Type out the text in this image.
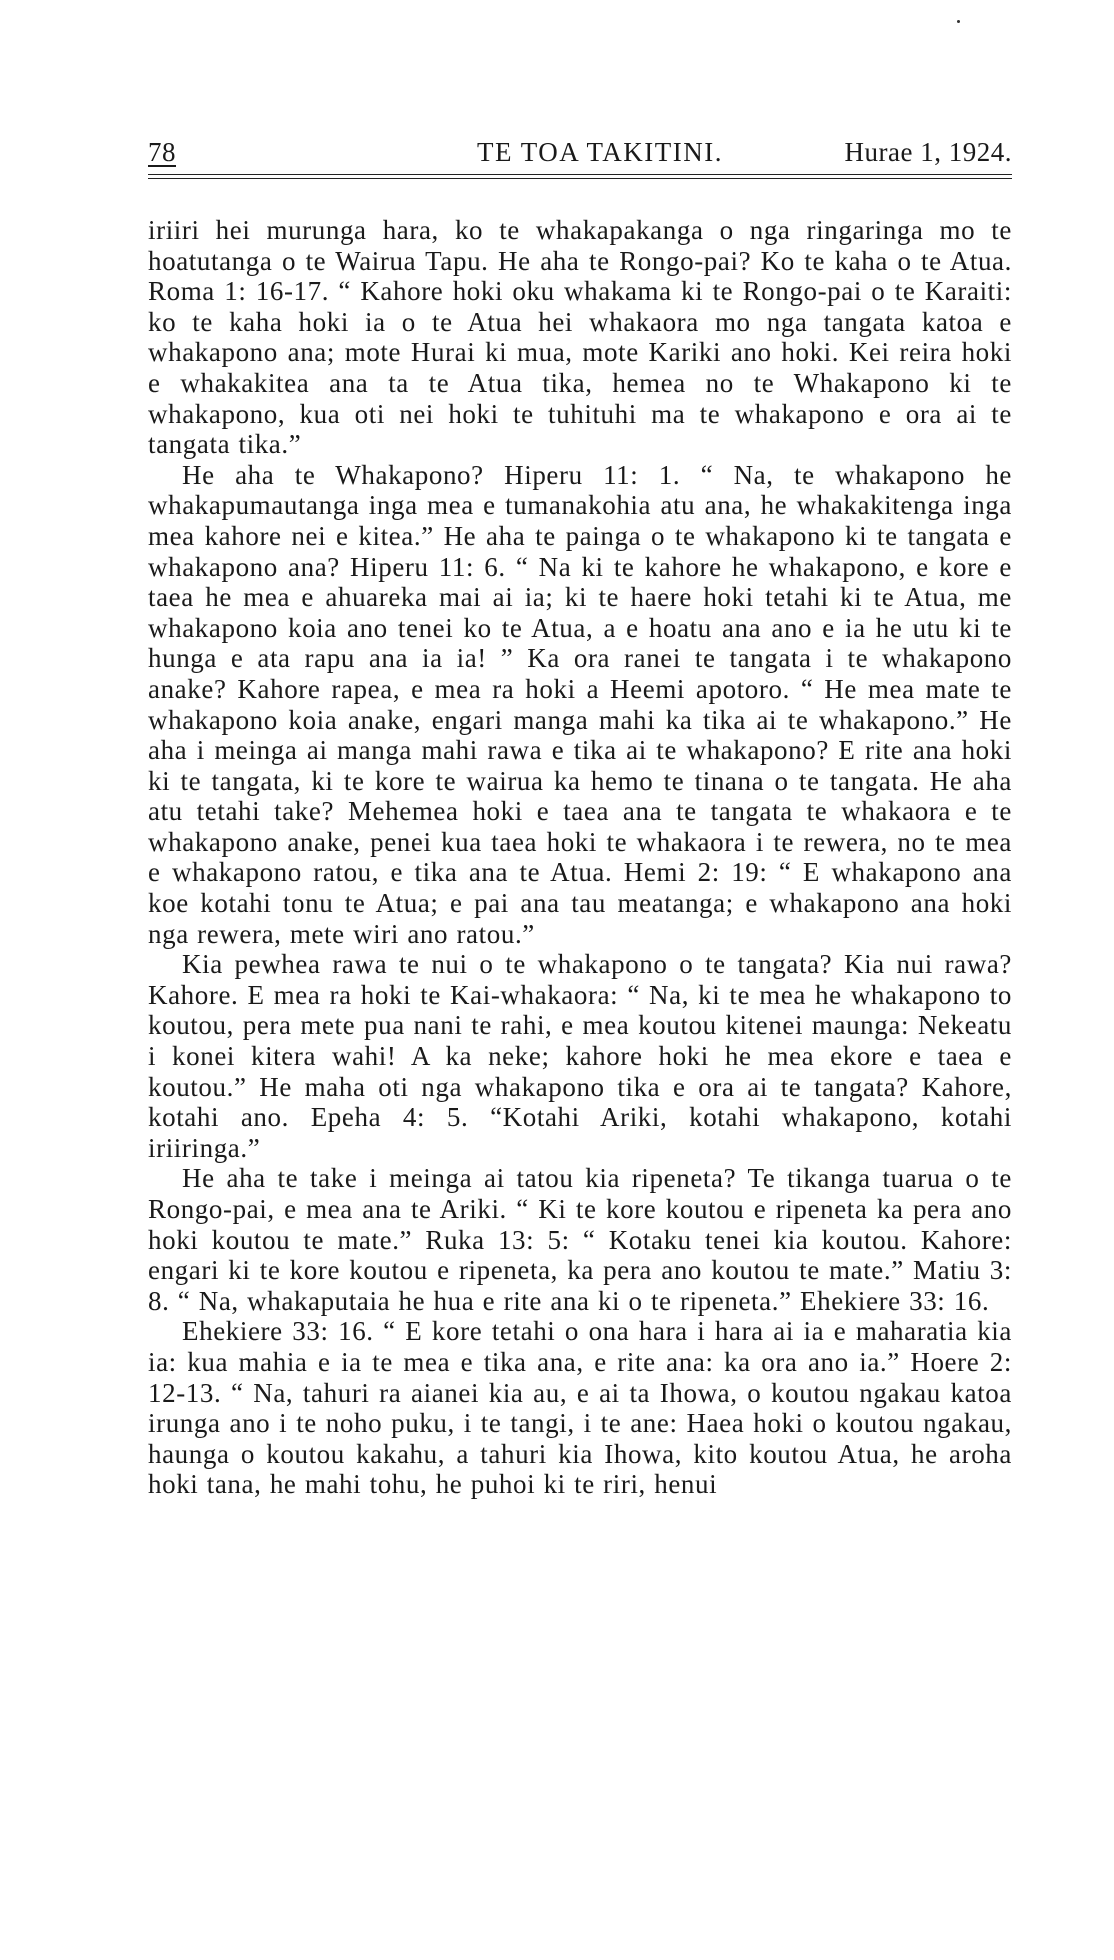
78	TE TOA TAKITINI.	Hurae 1, 1924.

iriiri hei murunga hara, ko te whakapakanga o nga ringaringa mo te hoatutanga o te Wairua Tapu. He aha te Rongo-pai? Ko te kaha o te Atua. Roma 1: 16-17. “ Kahore hoki oku whakama ki te Rongo-pai o te Karaiti: ko te kaha hoki ia o te Atua hei whakaora mo nga tangata katoa e whakapono ana; mote Hurai ki mua, mote Kariki ano hoki. Kei reira hoki e whakakitea ana ta te Atua tika, hemea no te Whakapono ki te whakapono, kua oti nei hoki te tuhituhi ma te whakapono e ora ai te tangata tika.”

He aha te Whakapono? Hiperu 11: 1. “ Na, te whakapono he whakapumautanga inga mea e tumanakohia atu ana, he whakakitenga inga mea kahore nei e kitea.” He aha te painga o te whakapono ki te tangata e whakapono ana? Hiperu 11: 6. “ Na ki te kahore he whakapono, e kore e taea he mea e ahuareka mai ai ia; ki te haere hoki tetahi ki te Atua, me whakapono koia ano tenei ko te Atua, a e hoatu ana ano e ia he utu ki te hunga e ata rapu ana ia ia! ” Ka ora ranei te tangata i te whakapono anake? Kahore rapea, e mea ra hoki a Heemi apotoro. “ He mea mate te whakapono koia anake, engari manga mahi ka tika ai te whakapono.” He aha i meinga ai manga mahi rawa e tika ai te whakapono? E rite ana hoki ki te tangata, ki te kore te wairua ka hemo te tinana o te tangata. He aha atu tetahi take? Mehemea hoki e taea ana te tangata te whakaora e te whakapono anake, penei kua taea hoki te whakaora i te rewera, no te mea e whakapono ratou, e tika ana te Atua. Hemi 2: 19: “ E whakapono ana koe kotahi tonu te Atua; e pai ana tau meatanga; e whakapono ana hoki nga rewera, mete wiri ano ratou.”

Kia pewhea rawa te nui o te whakapono o te tangata? Kia nui rawa? Kahore. E mea ra hoki te Kai-whakaora: “ Na, ki te mea he whakapono to koutou, pera mete pua nani te rahi, e mea koutou kitenei maunga: Nekeatu i konei kitera wahi! A ka neke; kahore hoki he mea ekore e taea e koutou.” He maha oti nga whakapono tika e ora ai te tangata? Kahore, kotahi ano. Epeha 4: 5. “Kotahi Ariki, kotahi whakapono, kotahi iriiringa.”

He aha te take i meinga ai tatou kia ripeneta? Te tikanga tuarua o te Rongo-pai, e mea ana te Ariki. “ Ki te kore koutou e ripeneta ka pera ano hoki koutou te mate.” Ruka 13: 5: “ Kotaku tenei kia koutou. Kahore: engari ki te kore koutou e ripeneta, ka pera ano koutou te mate.” Matiu 3: 8. “ Na, whakaputaia he hua e rite ana ki o te ripeneta.” Ehekiere 33: 16.

Ehekiere 33: 16. “ E kore tetahi o ona hara i hara ai ia e maharatia kia ia: kua mahia e ia te mea e tika ana, e rite ana: ka ora ano ia.” Hoere 2: 12-13. “ Na, tahuri ra aianei kia au, e ai ta Ihowa, o koutou ngakau katoa irunga ano i te noho puku, i te tangi, i te ane: Haea hoki o koutou ngakau, haunga o koutou kakahu, a tahuri kia Ihowa, kito koutou Atua, he aroha hoki tana, he mahi tohu, he puhoi ki te riri, henui
